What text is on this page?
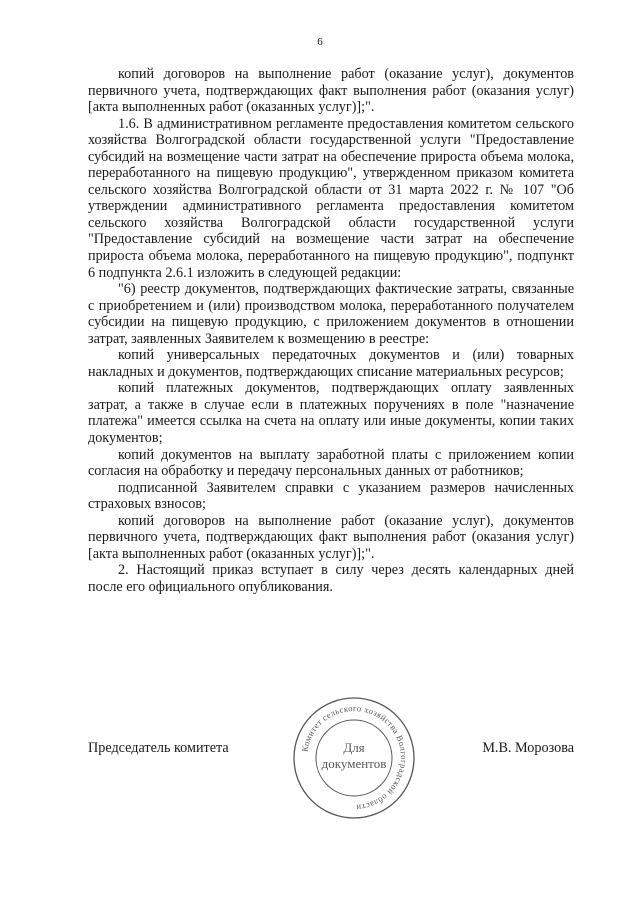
6

копий договоров на выполнение работ (оказание услуг), документов первичного учета, подтверждающих факт выполнения работ (оказания услуг) [акта выполненных работ (оказанных услуг)];".

1.6. В административном регламенте предоставления комитетом сельского хозяйства Волгоградской области государственной услуги "Предоставление субсидий на возмещение части затрат на обеспечение прироста объема молока, переработанного на пищевую продукцию", утвержденном приказом комитета сельского хозяйства Волгоградской области от 31 марта 2022 г. № 107 "Об утверждении административного регламента предоставления комитетом сельского хозяйства Волгоградской области государственной услуги "Предоставление субсидий на возмещение части затрат на обеспечение прироста объема молока, переработанного на пищевую продукцию", подпункт 6 подпункта 2.6.1 изложить в следующей редакции:

"6) реестр документов, подтверждающих фактические затраты, связанные с приобретением и (или) производством молока, переработанного получателем субсидии на пищевую продукцию, с приложением документов в отношении затрат, заявленных Заявителем к возмещению в реестре:

копий универсальных передаточных документов и (или) товарных накладных и документов, подтверждающих списание материальных ресурсов;

копий платежных документов, подтверждающих оплату заявленных затрат, а также в случае если в платежных поручениях в поле "назначение платежа" имеется ссылка на счета на оплату или иные документы, копии таких документов;

копий документов на выплату заработной платы с приложением копии согласия на обработку и передачу персональных данных от работников;

подписанной Заявителем справки с указанием размеров начисленных страховых взносов;

копий договоров на выполнение работ (оказание услуг), документов первичного учета, подтверждающих факт выполнения работ (оказания услуг) [акта выполненных работ (оказанных услуг)];".

2. Настоящий приказ вступает в силу через десять календарных дней после его официального опубликования.

Председатель комитета	М.В. Морозова
Комитет сельского хозяйства Волгоградской области
Для
документов
